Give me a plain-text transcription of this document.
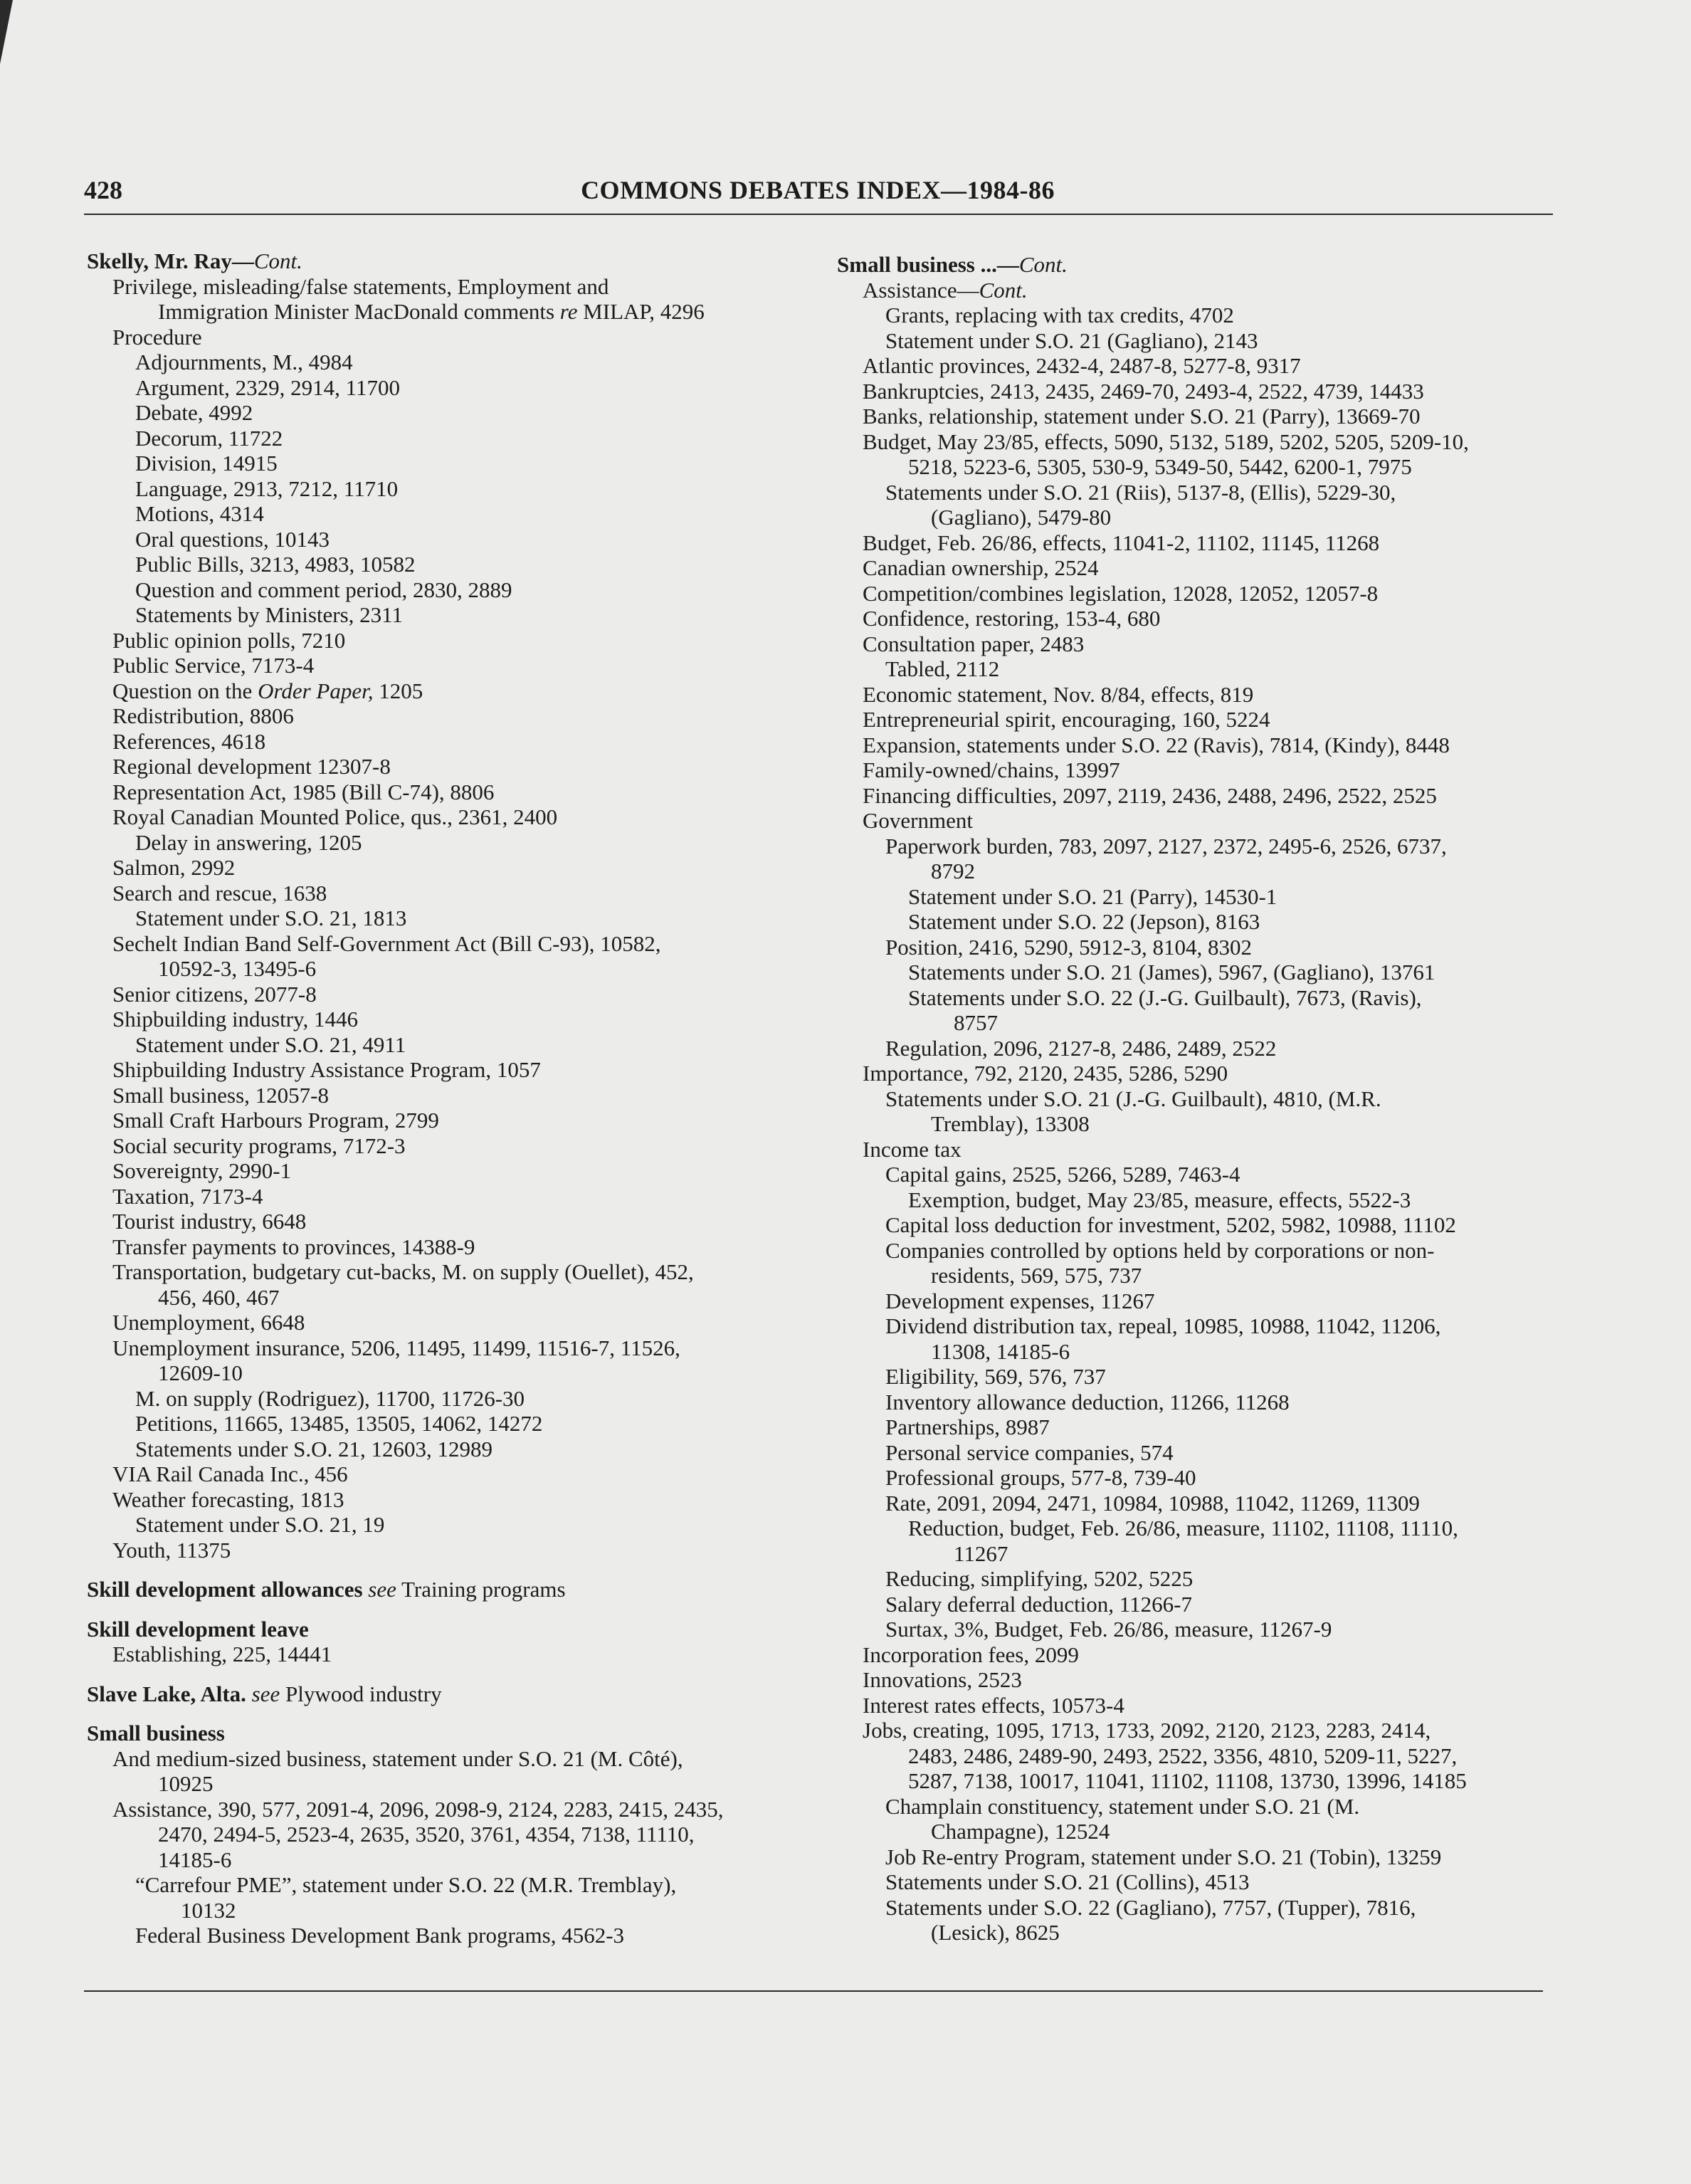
428	COMMONS DEBATES INDEX—1984-86
Skelly, Mr. Ray—Cont.
Privilege, misleading/false statements, Employment and
Immigration Minister MacDonald comments re MILAP, 4296
Procedure
Adjournments, M., 4984
Argument, 2329, 2914, 11700
Debate, 4992
Decorum, 11722
Division, 14915
Language, 2913, 7212, 11710
Motions, 4314
Oral questions, 10143
Public Bills, 3213, 4983, 10582
Question and comment period, 2830, 2889
Statements by Ministers, 2311
Public opinion polls, 7210
Public Service, 7173-4
Question on the Order Paper, 1205
Redistribution, 8806
References, 4618
Regional development 12307-8
Representation Act, 1985 (Bill C-74), 8806
Royal Canadian Mounted Police, qus., 2361, 2400
Delay in answering, 1205
Salmon, 2992
Search and rescue, 1638
Statement under S.O. 21, 1813
Sechelt Indian Band Self-Government Act (Bill C-93), 10582,
10592-3, 13495-6
Senior citizens, 2077-8
Shipbuilding industry, 1446
Statement under S.O. 21, 4911
Shipbuilding Industry Assistance Program, 1057
Small business, 12057-8
Small Craft Harbours Program, 2799
Social security programs, 7172-3
Sovereignty, 2990-1
Taxation, 7173-4
Tourist industry, 6648
Transfer payments to provinces, 14388-9
Transportation, budgetary cut-backs, M. on supply (Ouellet), 452,
456, 460, 467
Unemployment, 6648
Unemployment insurance, 5206, 11495, 11499, 11516-7, 11526,
12609-10
M. on supply (Rodriguez), 11700, 11726-30
Petitions, 11665, 13485, 13505, 14062, 14272
Statements under S.O. 21, 12603, 12989
VIA Rail Canada Inc., 456
Weather forecasting, 1813
Statement under S.O. 21, 19
Youth, 11375
Skill development allowances see Training programs
Skill development leave
Establishing, 225, 14441
Slave Lake, Alta. see Plywood industry
Small business
And medium-sized business, statement under S.O. 21 (M. Côté),
10925
Assistance, 390, 577, 2091-4, 2096, 2098-9, 2124, 2283, 2415, 2435,
2470, 2494-5, 2523-4, 2635, 3520, 3761, 4354, 7138, 11110,
14185-6
“Carrefour PME”, statement under S.O. 22 (M.R. Tremblay),
10132
Federal Business Development Bank programs, 4562-3
Small business ...—Cont.
Assistance—Cont.
Grants, replacing with tax credits, 4702
Statement under S.O. 21 (Gagliano), 2143
Atlantic provinces, 2432-4, 2487-8, 5277-8, 9317
Bankruptcies, 2413, 2435, 2469-70, 2493-4, 2522, 4739, 14433
Banks, relationship, statement under S.O. 21 (Parry), 13669-70
Budget, May 23/85, effects, 5090, 5132, 5189, 5202, 5205, 5209-10,
5218, 5223-6, 5305, 530-9, 5349-50, 5442, 6200-1, 7975
Statements under S.O. 21 (Riis), 5137-8, (Ellis), 5229-30,
(Gagliano), 5479-80
Budget, Feb. 26/86, effects, 11041-2, 11102, 11145, 11268
Canadian ownership, 2524
Competition/combines legislation, 12028, 12052, 12057-8
Confidence, restoring, 153-4, 680
Consultation paper, 2483
Tabled, 2112
Economic statement, Nov. 8/84, effects, 819
Entrepreneurial spirit, encouraging, 160, 5224
Expansion, statements under S.O. 22 (Ravis), 7814, (Kindy), 8448
Family-owned/chains, 13997
Financing difficulties, 2097, 2119, 2436, 2488, 2496, 2522, 2525
Government
Paperwork burden, 783, 2097, 2127, 2372, 2495-6, 2526, 6737,
8792
Statement under S.O. 21 (Parry), 14530-1
Statement under S.O. 22 (Jepson), 8163
Position, 2416, 5290, 5912-3, 8104, 8302
Statements under S.O. 21 (James), 5967, (Gagliano), 13761
Statements under S.O. 22 (J.-G. Guilbault), 7673, (Ravis),
8757
Regulation, 2096, 2127-8, 2486, 2489, 2522
Importance, 792, 2120, 2435, 5286, 5290
Statements under S.O. 21 (J.-G. Guilbault), 4810, (M.R.
Tremblay), 13308
Income tax
Capital gains, 2525, 5266, 5289, 7463-4
Exemption, budget, May 23/85, measure, effects, 5522-3
Capital loss deduction for investment, 5202, 5982, 10988, 11102
Companies controlled by options held by corporations or non-
residents, 569, 575, 737
Development expenses, 11267
Dividend distribution tax, repeal, 10985, 10988, 11042, 11206,
11308, 14185-6
Eligibility, 569, 576, 737
Inventory allowance deduction, 11266, 11268
Partnerships, 8987
Personal service companies, 574
Professional groups, 577-8, 739-40
Rate, 2091, 2094, 2471, 10984, 10988, 11042, 11269, 11309
Reduction, budget, Feb. 26/86, measure, 11102, 11108, 11110,
11267
Reducing, simplifying, 5202, 5225
Salary deferral deduction, 11266-7
Surtax, 3%, Budget, Feb. 26/86, measure, 11267-9
Incorporation fees, 2099
Innovations, 2523
Interest rates effects, 10573-4
Jobs, creating, 1095, 1713, 1733, 2092, 2120, 2123, 2283, 2414,
2483, 2486, 2489-90, 2493, 2522, 3356, 4810, 5209-11, 5227,
5287, 7138, 10017, 11041, 11102, 11108, 13730, 13996, 14185
Champlain constituency, statement under S.O. 21 (M.
Champagne), 12524
Job Re-entry Program, statement under S.O. 21 (Tobin), 13259
Statements under S.O. 21 (Collins), 4513
Statements under S.O. 22 (Gagliano), 7757, (Tupper), 7816,
(Lesick), 8625
